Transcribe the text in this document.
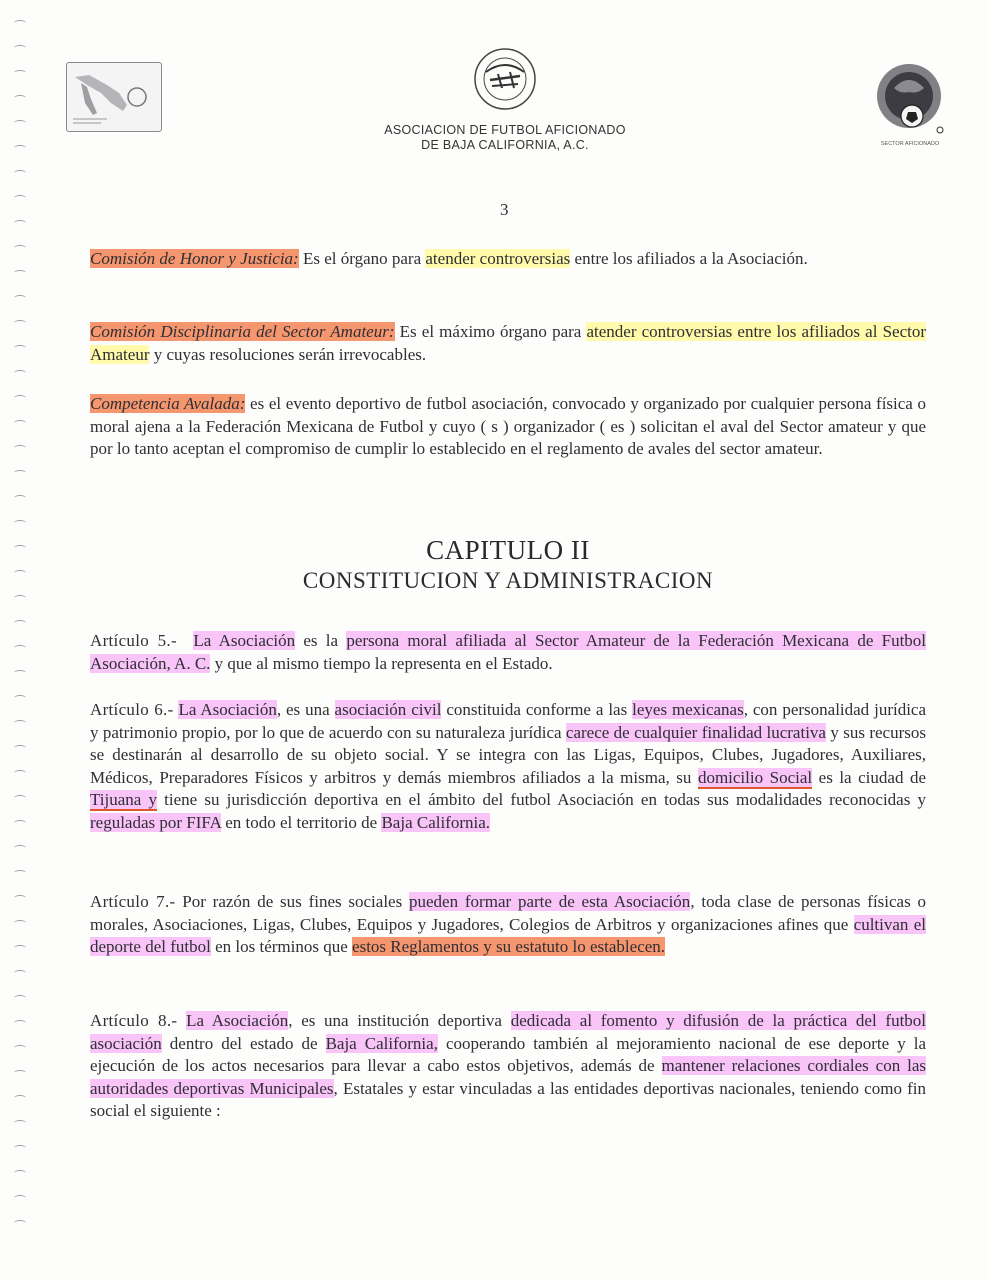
SECTOR AFICIONADO
ASOCIACION DE FUTBOL AFICIONADO
DE BAJA CALIFORNIA, A.C.
3
Comisión de Honor y Justicia: Es el órgano para atender controversias entre los afiliados a la Asociación.
Comisión Disciplinaria del Sector Amateur: Es el máximo órgano para atender controversias entre los afiliados al Sector Amateur y cuyas resoluciones serán irrevocables.
Competencia Avalada: es el evento deportivo de futbol asociación, convocado y organizado por cualquier persona física o moral ajena a la Federación Mexicana de Futbol y cuyo ( s ) organizador ( es ) solicitan el aval del Sector amateur y que por lo tanto aceptan el compromiso de cumplir lo establecido en el reglamento de avales del sector amateur.
CAPITULO II
CONSTITUCION Y ADMINISTRACION
Artículo 5.- La Asociación es la persona moral afiliada al Sector Amateur de la Federación Mexicana de Futbol Asociación, A. C. y que al mismo tiempo la representa en el Estado.
Artículo 6.- La Asociación, es una asociación civil constituida conforme a las leyes mexicanas, con personalidad jurídica y patrimonio propio, por lo que de acuerdo con su naturaleza jurídica carece de cualquier finalidad lucrativa y sus recursos se destinarán al desarrollo de su objeto social. Y se integra con las Ligas, Equipos, Clubes, Jugadores, Auxiliares, Médicos, Preparadores Físicos y arbitros y demás miembros afiliados a la misma, su domicilio Social es la ciudad de Tijuana y tiene su jurisdicción deportiva en el ámbito del futbol Asociación en todas sus modalidades reconocidas y reguladas por FIFA en todo el territorio de Baja California.
Artículo 7.- Por razón de sus fines sociales pueden formar parte de esta Asociación, toda clase de personas físicas o morales, Asociaciones, Ligas, Clubes, Equipos y Jugadores, Colegios de Arbitros y organizaciones afines que cultivan el deporte del futbol en los términos que estos Reglamentos y su estatuto lo establecen.
Artículo 8.- La Asociación, es una institución deportiva dedicada al fomento y difusión de la práctica del futbol asociación dentro del estado de Baja California, cooperando también al mejoramiento nacional de ese deporte y la ejecución de los actos necesarios para llevar a cabo estos objetivos, además de mantener relaciones cordiales con las autoridades deportivas Municipales, Estatales y estar vinculadas a las entidades deportivas nacionales, teniendo como fin social el siguiente :
